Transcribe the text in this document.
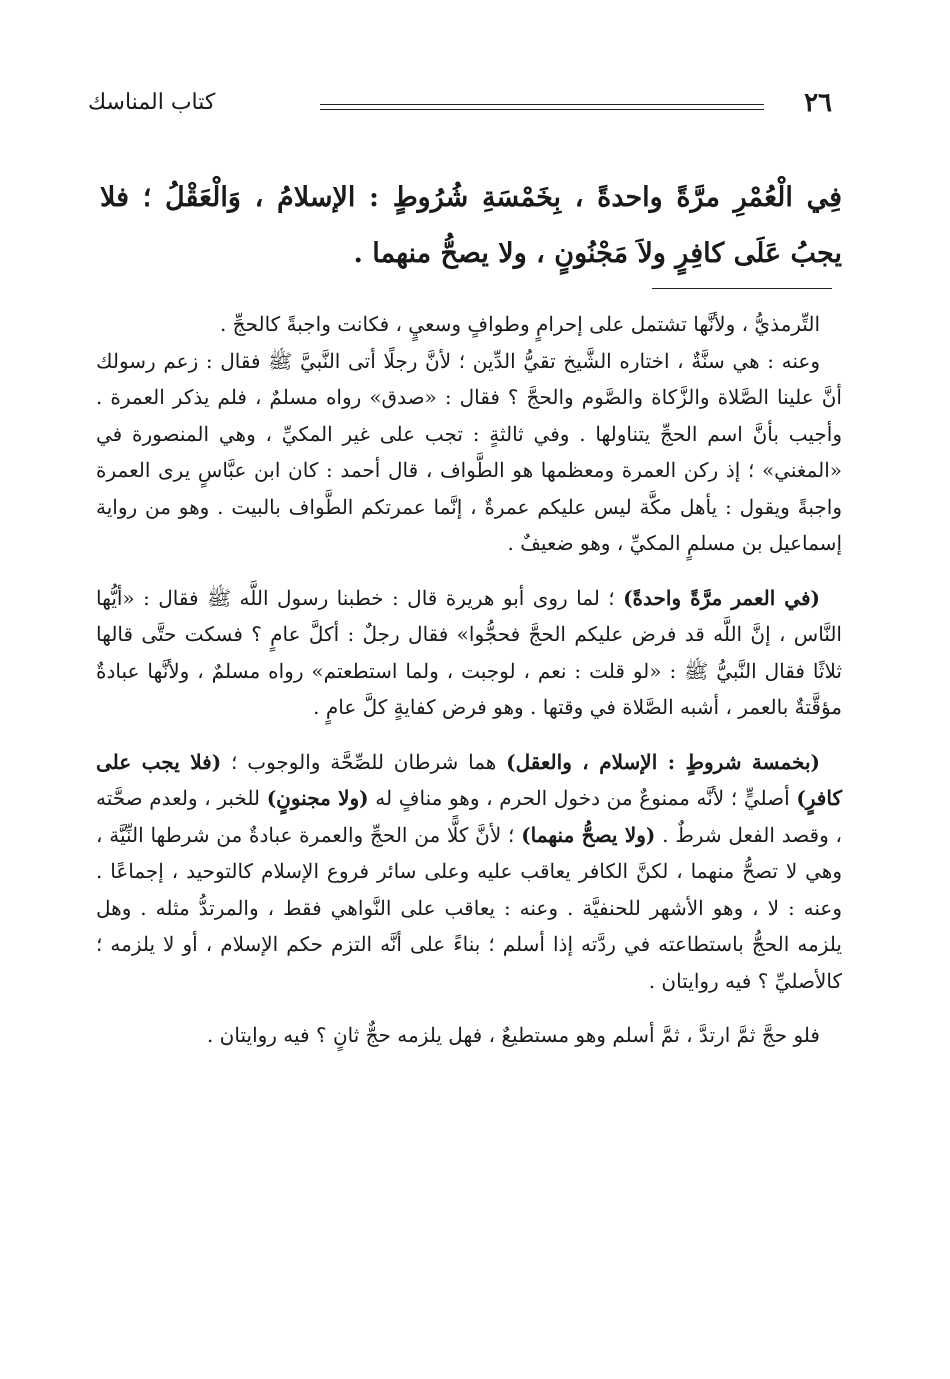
٢٦
كتاب المناسك

فِي الْعُمْرِ مرَّةً واحدةً ، بِخَمْسَةِ شُرُوطٍ : الإسلامُ ، وَالْعَقْلُ ؛ فلا يجبُ عَلَى كافِرٍ ولاَ مَجْنُونٍ ، ولا يصحُّ منهما .

التِّرمذيُّ ، ولأنَّها تشتمل على إحرامٍ وطوافٍ وسعيٍ ، فكانت واجبةً كالحجِّ .

وعنه : هي سنَّةٌ ، اختاره الشَّيخ تقيُّ الدِّين ؛ لأنَّ رجلًا أتى النَّبيَّ ﷺ فقال : زعم رسولك أنَّ علينا الصَّلاة والزَّكاة والصَّوم والحجَّ ؟ فقال : «صدق» رواه مسلمٌ ، فلم يذكر العمرة . وأجيب بأنَّ اسم الحجِّ يتناولها . وفي ثالثةٍ : تجب على غير المكيِّ ، وهي المنصورة في «المغني» ؛ إذ ركن العمرة ومعظمها هو الطَّواف ، قال أحمد : كان ابن عبَّاسٍ يرى العمرة واجبةً ويقول : يأهل مكَّة ليس عليكم عمرةٌ ، إنَّما عمرتكم الطَّواف بالبيت . وهو من رواية إسماعيل بن مسلمٍ المكيِّ ، وهو ضعيفٌ .

(في العمر مرَّةً واحدةً) ؛ لما روى أبو هريرة قال : خطبنا رسول اللَّه ﷺ فقال : «أيُّها النَّاس ، إنَّ اللَّه قد فرض عليكم الحجَّ فحجُّوا» فقال رجلٌ : أكلَّ عامٍ ؟ فسكت حتَّى قالها ثلاثًا فقال النَّبيُّ ﷺ : «لو قلت : نعم ، لوجبت ، ولما استطعتم» رواه مسلمٌ ، ولأنَّها عبادةٌ مؤقَّتةٌ بالعمر ، أشبه الصَّلاة في وقتها . وهو فرض كفايةٍ كلَّ عامٍ .

(بخمسة شروطٍ : الإسلام ، والعقل) هما شرطان للصِّحَّة والوجوب ؛ (فلا يجب على كافرٍ) أصليٍّ ؛ لأنَّه ممنوعٌ من دخول الحرم ، وهو منافٍ له (ولا مجنونٍ) للخبر ، ولعدم صحَّته ، وقصد الفعل شرطٌ . (ولا يصحُّ منهما) ؛ لأنَّ كلًّا من الحجِّ والعمرة عبادةٌ من شرطها النِّيَّة ، وهي لا تصحُّ منهما ، لكنَّ الكافر يعاقب عليه وعلى سائر فروع الإسلام كالتوحيد ، إجماعًا . وعنه : لا ، وهو الأشهر للحنفيَّة . وعنه : يعاقب على النَّواهي فقط ، والمرتدُّ مثله . وهل يلزمه الحجُّ باستطاعته في ردَّته إذا أسلم ؛ بناءً على أنَّه التزم حكم الإسلام ، أو لا يلزمه ؛ كالأصليِّ ؟ فيه روايتان .

فلو حجَّ ثمَّ ارتدَّ ، ثمَّ أسلم وهو مستطيعٌ ، فهل يلزمه حجٌّ ثانٍ ؟ فيه روايتان .
